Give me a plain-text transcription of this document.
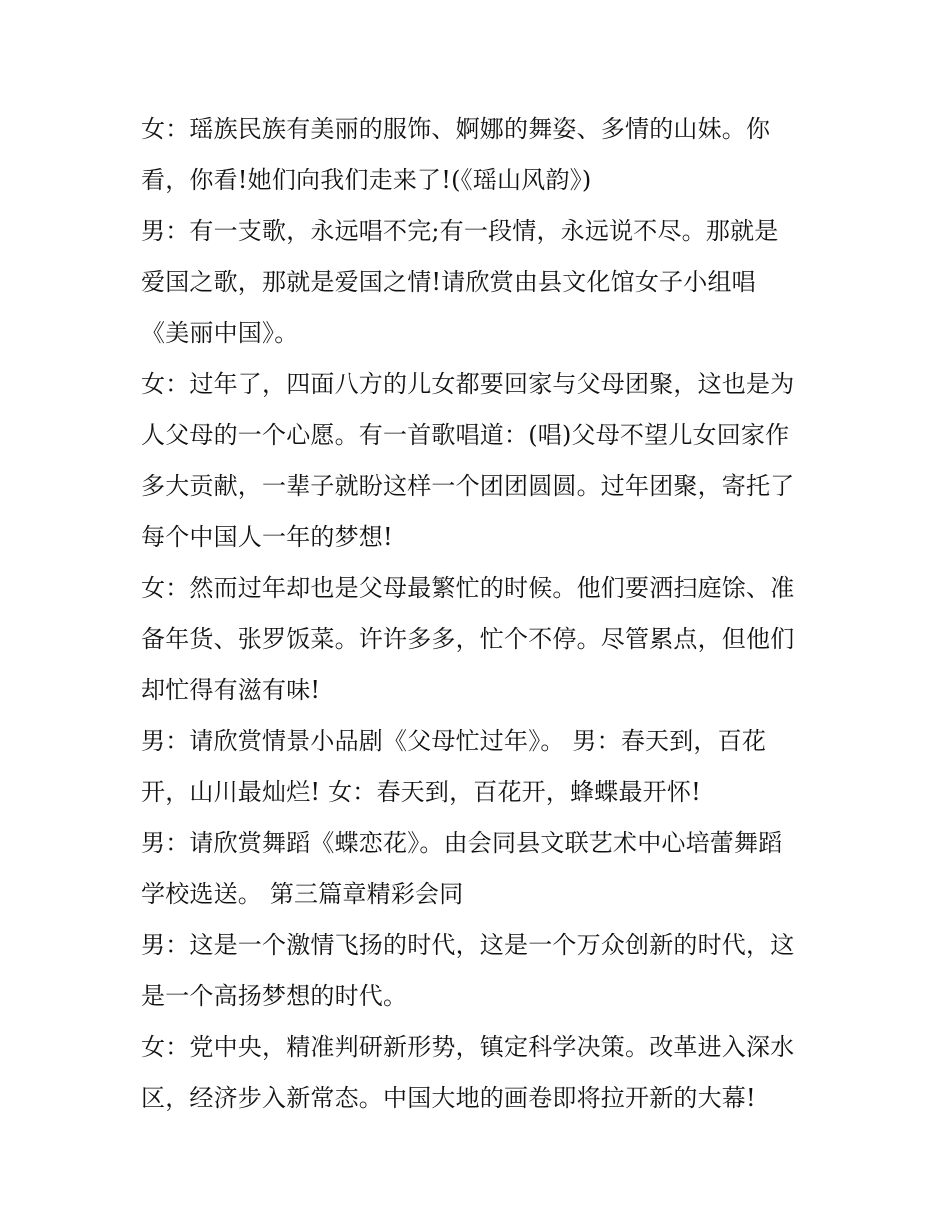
女：瑶族民族有美丽的服饰、婀娜的舞姿、多情的山妹。你
看，你看!她们向我们走来了!(《瑶山风韵》)
男：有一支歌，永远唱不完;有一段情，永远说不尽。那就是
爱国之歌，那就是爱国之情!请欣赏由县文化馆女子小组唱
《美丽中国》。
女：过年了，四面八方的儿女都要回家与父母团聚，这也是为
人父母的一个心愿。有一首歌唱道：(唱)父母不望儿女回家作
多大贡献，一辈子就盼这样一个团团圆圆。过年团聚，寄托了
每个中国人一年的梦想!
女：然而过年却也是父母最繁忙的时候。他们要洒扫庭馀、准
备年货、张罗饭菜。许许多多，忙个不停。尽管累点，但他们
却忙得有滋有味!
男：请欣赏情景小品剧《父母忙过年》。 男：春天到，百花
开，山川最灿烂! 女：春天到，百花开，蜂蝶最开怀!
男：请欣赏舞蹈《蝶恋花》。由会同县文联艺术中心培蕾舞蹈
学校选送。 第三篇章精彩会同
男：这是一个激情飞扬的时代，这是一个万众创新的时代，这
是一个高扬梦想的时代。
女：党中央，精准判研新形势，镇定科学决策。改革进入深水
区，经济步入新常态。中国大地的画卷即将拉开新的大幕!
